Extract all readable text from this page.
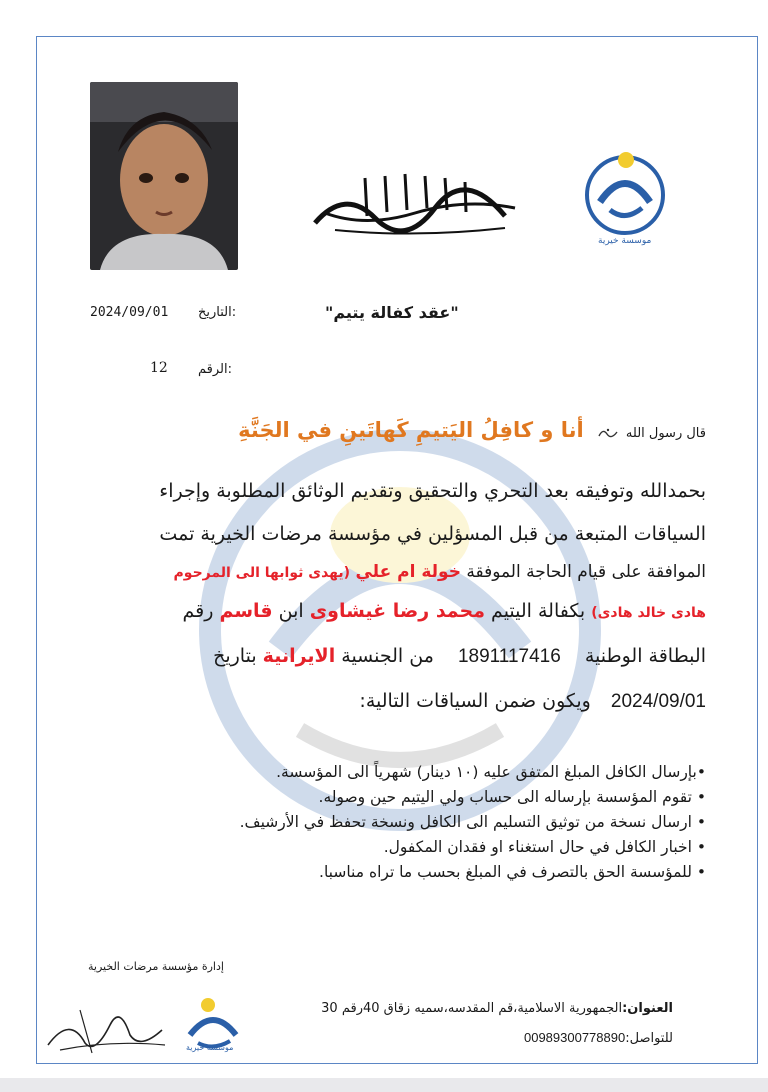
موسسة خيرية
"عقد كفالة يتيم"
التاريخ:
2024/09/01
الرقم:
12
قال رسول الله  أنا و كافِلُ اليَتيمِ كَهاتَينِ في الجَنَّةِ
بحمدالله وتوفيقه بعد التحري والتحقيق وتقديم الوثائق المطلوبة وإجراء
السياقات المتبعة من قبل المسؤلين في مؤسسة مرضات الخيرية تمت
الموافقة على قيام الحاجة الموفقة خولة ام علي (يهدى ثوابها الى المرحوم
هادى خالد هادى) بكفالة اليتيم محمد رضا غيشاوى ابن قاسم رقم
البطاقة الوطنية 1891117416 من الجنسية الايرانية بتاريخ
2024/09/01 ويكون ضمن السياقات التالية:
•بإرسال الكافل المبلغ المتفق عليه (١٠ دينار) شهرياً الى المؤسسة.
• تقوم المؤسسة بإرساله الى حساب ولي اليتيم حين وصوله.
• ارسال نسخة من توثيق التسليم الى الكافل ونسخة تحفظ في الأرشيف.
• اخبار الكافل في حال استغناء او فقدان المكفول.
• للمؤسسة الحق بالتصرف في المبلغ بحسب ما تراه مناسبا.
إدارة مؤسسة مرضات الخيرية
موسسة خيرية
العنوان:الجمهورية الاسلامية،قم المقدسه،سميه زقاق 40رقم 30
للتواصل:00989300778890
